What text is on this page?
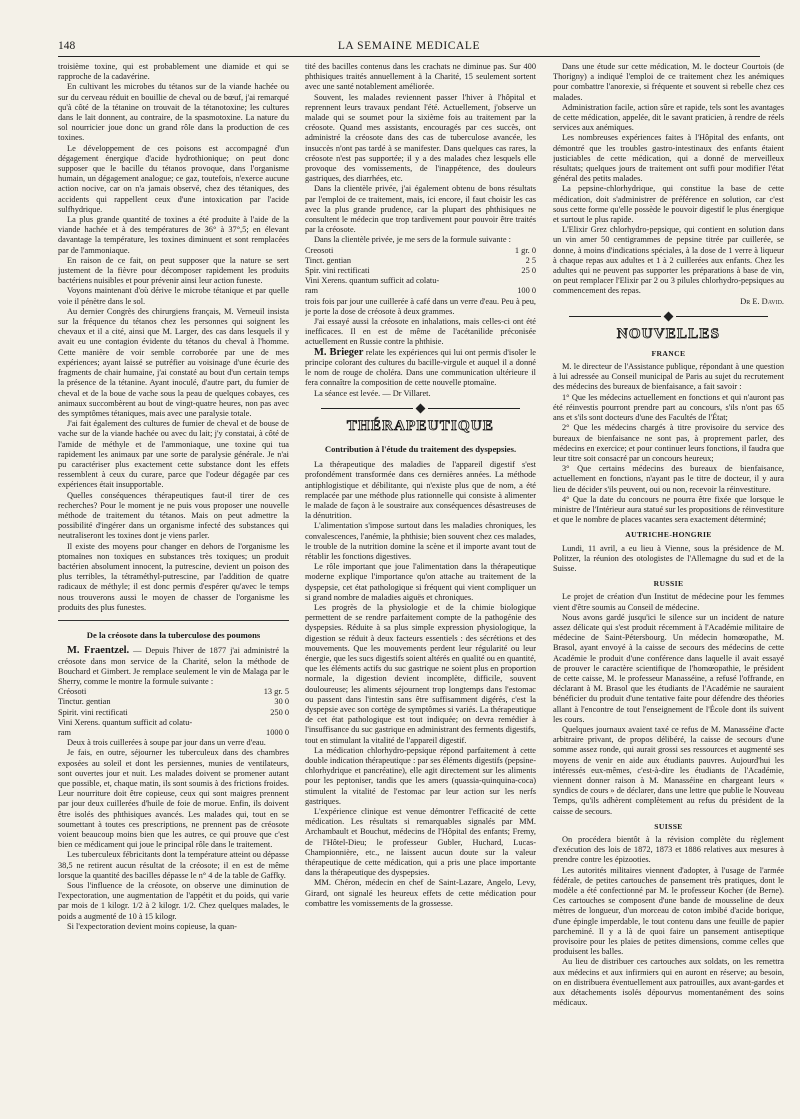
148	LA SEMAINE MEDICALE

troisième toxine, qui est probablement une diamide et qui se rapproche de la cadavérine.

En cultivant les microbes du tétanos sur de la viande hachée ou sur du cerveau réduit en bouillie de cheval ou de bœuf, j'ai remarqué qu'à côté de la tétanine on trouvait de la tétanotoxine; les cultures dans le lait donnent, au contraire, de la spasmotoxine. La nature du sol nourricier joue donc un grand rôle dans la production de ces toxines.

Le développement de ces poisons est accompagné d'un dégagement énergique d'acide hydrothionique; on peut donc supposer que le bacille du tétanos provoque, dans l'organisme humain, un dégagement analogue; ce gaz, toutefois, n'exerce aucune action nocive, car on n'a jamais observé, chez des tétaniques, des accidents qui rappellent ceux d'une intoxication par l'acide sulfhydrique.

La plus grande quantité de toxines a été produite à l'aide de la viande hachée et à des températures de 36° à 37°,5; en élevant davantage la température, les toxines diminuent et sont remplacées par de l'ammoniaque.

En raison de ce fait, on peut supposer que la nature se sert justement de la fièvre pour décomposer rapidement les produits bactériens nuisibles et pour prévenir ainsi leur action funeste.

Voyons maintenant d'où dérive le microbe tétanique et par quelle voie il pénètre dans le sol.

Au dernier Congrès des chirurgiens français, M. Verneuil insista sur la fréquence du tétanos chez les personnes qui soignent les chevaux et il a cité, ainsi que M. Larger, des cas dans lesquels il y avait eu une contagion évidente du tétanos du cheval à l'homme. Cette manière de voir semble corroborée par une de mes expériences; ayant laissé se putréfier au voisinage d'une écurie des fragments de chair humaine, j'ai constaté au bout d'un certain temps la présence de la tétanine. Ayant inoculé, d'autre part, du fumier de cheval et de la boue de vache sous la peau de quelques cobayes, ces animaux succombèrent au bout de vingt-quatre heures, non pas avec des symptômes tétaniques, mais avec une paralysie totale.

J'ai fait également des cultures de fumier de cheval et de bouse de vache sur de la viande hachée ou avec du lait; j'y constatai, à côté de l'amide de méthyle et de l'ammoniaque, une toxine qui tua rapidement les animaux par une sorte de paralysie générale. Je n'ai pu caractériser plus exactement cette substance dont les effets ressemblent à ceux du curare, parce que l'odeur dégagée par ces expériences était insupportable.

Quelles conséquences thérapeutiques faut-il tirer de ces recherches? Pour le moment je ne puis vous proposer une nouvelle méthode de traitement du tétanos. Mais on peut admettre la possibilité d'ingérer dans un organisme infecté des substances qui neutraliseront les toxines dont je viens parler.

Il existe des moyens pour changer en dehors de l'organisme les ptomaïnes non toxiques en substances très toxiques; un produit bactérien absolument innocent, la putrescine, devient un poison des plus terribles, la tétraméthyl-putrescine, par l'addition de quatre radicaux de méthyle; il est donc permis d'espérer qu'avec le temps nous trouverons aussi le moyen de chasser de l'organisme les produits des plus funestes.

De la créosote dans la tuberculose des poumons

M. Fraentzel. — Depuis l'hiver de 1877 j'ai administré la créosote dans mon service de la Charité, selon la méthode de Bouchard et Gimbert. Je remplace seulement le vin de Malaga par le Sherry, comme le montre la formule suivante :

Créosoti	13 gr. 5
Tinctur. gentian	30 0
Spirit. vini rectificati	250 0
Vini Xerens. quantum sufficit ad colatu-	
ram	1000 0

Deux à trois cuillerées à soupe par jour dans un verre d'eau.

Je fais, en outre, séjourner les tuberculeux dans des chambres exposées au soleil et dont les persiennes, munies de ventilateurs, sont ouvertes jour et nuit. Les malades doivent se promener autant que possible, et, chaque matin, ils sont soumis à des frictions froides. Leur nourriture doit être copieuse, ceux qui sont maigres prennent par jour deux cuillerées d'huile de foie de morue. Enfin, ils doivent être isolés des phthisiques avancés. Les malades qui, tout en se soumettant à toutes ces prescriptions, ne prennent pas de créosote voient beaucoup moins bien que les autres, ce qui prouve que c'est bien ce médicament qui joue le principal rôle dans le traitement.

Les tuberculeux fébricitants dont la température atteint ou dépasse 38,5 ne retirent aucun résultat de la créosote; il en est de même lorsque la quantité des bacilles dépasse le n° 4 de la table de Gaffky.

Sous l'influence de la créosote, on observe une diminution de l'expectoration, une augmentation de l'appétit et du poids, qui varie par mois de 1 kilogr. 1/2 à 2 kilogr. 1/2. Chez quelques malades, le poids a augmenté de 10 à 15 kilogr.

Si l'expectoration devient moins copieuse, la quan-

tité des bacilles contenus dans les crachats ne diminue pas. Sur 400 phthisiques traités annuellement à la Charité, 15 seulement sortent avec une santé notablement améliorée.

Souvent, les malades reviennent passer l'hiver à l'hôpital et reprennent leurs travaux pendant l'été. Actuellement, j'observe un malade qui se soumet pour la sixième fois au traitement par la créosote. Quand mes assistants, encouragés par ces succès, ont administré la créosote dans des cas de tuberculose avancée, les insuccès n'ont pas tardé à se manifester. Dans quelques cas rares, la créosote n'est pas supportée; il y a des malades chez lesquels elle provoque des vomissements, de l'inappétence, des douleurs gastriques, des diarrhées, etc.

Dans la clientèle privée, j'ai également obtenu de bons résultats par l'emploi de ce traitement, mais, ici encore, il faut choisir les cas avec la plus grande prudence, car la plupart des phthisiques ne consultent le médecin que trop tardivement pour pouvoir être traités par la créosote.

Dans la clientèle privée, je me sers de la formule suivante :

Creosoti	1 gr. 0
Tinct. gentian	2 5
Spir. vini rectificati	25 0
Vini Xerens. quantum sufficit ad colatu-	
ram	100 0

trois fois par jour une cuillerée à café dans un verre d'eau. Peu à peu, je porte la dose de créosote à deux grammes.

J'ai essayé aussi la créosote en inhalations, mais celles-ci ont été inefficaces. Il en est de même de l'acétanilide préconisée actuellement en Russie contre la phthisie.

M. Brieger relate les expériences qui lui ont permis d'isoler le principe colorant des cultures du bacille-virgule et auquel il a donné le nom de rouge de choléra. Dans une communication ultérieure il fera connaître la composition de cette nouvelle ptomaïne.

La séance est levée. — Dr Villaret.

THÉRAPEUTIQUE
Contribution à l'étude du traitement des dyspepsies.

La thérapeutique des maladies de l'appareil digestif s'est profondément transformée dans ces dernières années. La méthode antiphlogistique et débilitante, qui n'existe plus que de nom, a été remplacée par une méthode plus rationnelle qui consiste à alimenter le malade de façon à le soustraire aux conséquences désastreuses de la dénutrition.

L'alimentation s'impose surtout dans les maladies chroniques, les convalescences, l'anémie, la phthisie; bien souvent chez ces malades, le trouble de la nutrition domine la scène et il importe avant tout de rétablir les fonctions digestives.

Le rôle important que joue l'alimentation dans la thérapeutique moderne explique l'importance qu'on attache au traitement de la dyspepsie, cet état pathologique si fréquent qui vient compliquer un si grand nombre de maladies aiguës et chroniques.

Les progrès de la physiologie et de la chimie biologique permettent de se rendre parfaitement compte de la pathogénie des dyspepsies. Réduite à sa plus simple expression physiologique, la digestion se réduit à deux facteurs essentiels : des sécrétions et des mouvements. Que les mouvements perdent leur régularité ou leur énergie, que les sucs digestifs soient altérés en qualité ou en quantité, que les éléments actifs du suc gastrique ne soient plus en proportion normale, la digestion devient incomplète, difficile, souvent douloureuse; les aliments séjournent trop longtemps dans l'estomac ou passent dans l'intestin sans être suffisamment digérés, c'est la dyspepsie avec son cortège de symptômes si variés. La thérapeutique de cet état pathologique est tout indiquée; on devra remédier à l'insuffisance du suc gastrique en administrant des ferments digestifs, tout en stimulant la vitalité de l'appareil digestif.

La médication chlorhydro-pepsique répond parfaitement à cette double indication thérapeutique : par ses éléments digestifs (pepsine-chlorhydrique et pancréatine), elle agit directement sur les aliments pour les peptoniser, tandis que les amers (quassia-quinquina-coca) stimulent la vitalité de l'estomac par leur action sur les nerfs gastriques.

L'expérience clinique est venue démontrer l'efficacité de cette médication. Les résultats si remarquables signalés par MM. Archambault et Bouchut, médecins de l'Hôpital des enfants; Fremy, de l'Hôtel-Dieu; le professeur Gubler, Huchard, Lucas-Championnière, etc., ne laissent aucun doute sur la valeur thérapeutique de cette médication, qui a pris une place importante dans la thérapeutique des dyspepsies.

MM. Chéron, médecin en chef de Saint-Lazare, Angelo, Levy, Girard, ont signalé les heureux effets de cette médication pour combattre les vomissements de la grossesse.

Dans une étude sur cette médication, M. le docteur Courtois (de Thorigny) a indiqué l'emploi de ce traitement chez les anémiques pour combattre l'anorexie, si fréquente et souvent si rebelle chez ces malades.

Administration facile, action sûre et rapide, tels sont les avantages de cette médication, appelée, dit le savant praticien, à rendre de réels services aux anémiques.

Les nombreuses expériences faites à l'Hôpital des enfants, ont démontré que les troubles gastro-intestinaux des enfants étaient justiciables de cette médication, qui a donné de merveilleux résultats; quelques jours de traitement ont suffi pour modifier l'état général des petits malades.

La pepsine-chlorhydrique, qui constitue la base de cette médication, doit s'administrer de préférence en solution, car c'est sous cette forme qu'elle possède le pouvoir digestif le plus énergique et surtout le plus rapide.

L'Elixir Grez chlorhydro-pepsique, qui contient en solution dans un vin amer 50 centigrammes de pepsine titrée par cuillerée, se donne, à moins d'indications spéciales, à la dose de 1 verre à liqueur à chaque repas aux adultes et 1 à 2 cuillerées aux enfants. Chez les adultes qui ne peuvent pas supporter les préparations à base de vin, on peut remplacer l'Elixir par 2 ou 3 pilules chlorhydro-pepsiques au commencement des repas.

Dr E. David.
NOUVELLES
FRANCE

M. le directeur de l'Assistance publique, répondant à une question à lui adressée au Conseil municipal de Paris au sujet du recrutement des médecins des bureaux de bienfaisance, a fait savoir :

1° Que les médecins actuellement en fonctions et qui n'auront pas été réinvestis pourront prendre part au concours, s'ils n'ont pas 65 ans et s'ils sont docteurs d'une des Facultés de l'État;

2° Que les médecins chargés à titre provisoire du service des bureaux de bienfaisance ne sont pas, à proprement parler, des médecins en exercice; et pour continuer leurs fonctions, il faudra que leur titre soit consacré par un concours heureux;

3° Que certains médecins des bureaux de bienfaisance, actuellement en fonctions, n'ayant pas le titre de docteur, il y aura lieu de décider s'ils peuvent, oui ou non, recevoir la réinvestiture.

4° Que la date du concours ne pourra être fixée que lorsque le ministre de l'Intérieur aura statué sur les propositions de réinvestiture et que le nombre de places vacantes sera exactement déterminé;

AUTRICHE-HONGRIE

Lundi, 11 avril, a eu lieu à Vienne, sous la présidence de M. Politzer, la réunion des otologistes de l'Allemagne du sud et de la Suisse.

RUSSIE

Le projet de création d'un Institut de médecine pour les femmes vient d'être soumis au Conseil de médecine.

Nous avons gardé jusqu'ici le silence sur un incident de nature assez délicate qui s'est produit récemment à l'Académie militaire de médecine de Saint-Pétersbourg. Un médecin homœopathe, M. Brasol, ayant envoyé à la caisse de secours des médecins de cette Académie le produit d'une conférence dans laquelle il avait essayé de prouver le caractère scientifique de l'homœopathie, le président de cette caisse, M. le professeur Manasséine, a refusé l'offrande, en déclarant à M. Brasol que les étudiants de l'Académie ne sauraient bénéficier du produit d'une tentative faite pour défendre des théories allant à l'encontre de tout l'enseignement de l'École dont ils suivent les cours.

Quelques journaux avaient taxé ce refus de M. Manasséine d'acte arbitraire privant, de propos délibéré, la caisse de secours d'une somme assez ronde, qui aurait grossi ses ressources et augmenté ses moyens de venir en aide aux étudiants pauvres. Aujourd'hui les intéressés eux-mêmes, c'est-à-dire les étudiants de l'Académie, viennent donner raison à M. Manasséine en chargeant leurs « syndics de cours » de déclarer, dans une lettre que publie le Nouveau Temps, qu'ils adhèrent complètement au refus du président de la caisse de secours.

SUISSE

On procédera bientôt à la révision complète du règlement d'exécution des lois de 1872, 1873 et 1886 relatives aux mesures à prendre contre les épizooties.

Les autorités militaires viennent d'adopter, à l'usage de l'armée fédérale, de petites cartouches de pansement très pratiques, dont le modèle a été confectionné par M. le professeur Kocher (de Berne). Ces cartouches se composent d'une bande de mousseline de deux mètres de longueur, d'un morceau de coton imbibé d'acide borique, d'une épingle imperdable, le tout contenu dans une feuille de papier parcheminé. Il y a là de quoi faire un pansement antiseptique provisoire pour les plaies de petites dimensions, comme celles que produisent les balles.

Au lieu de distribuer ces cartouches aux soldats, on les remettra aux médecins et aux infirmiers qui en auront en réserve; au besoin, on en distribuera éventuellement aux patrouilles, aux avant-gardes et aux détachements isolés dépourvus momentanément des soins médicaux.
